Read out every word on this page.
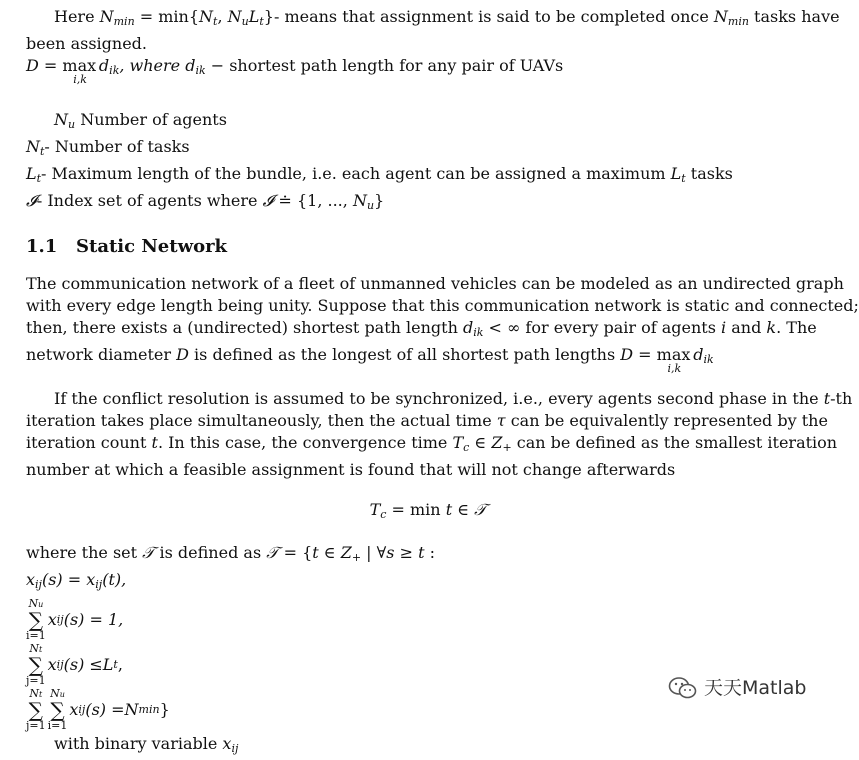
Here $N_{min} = \min\{N_t$, $N_uL_t\}-$ means that assignment is said to be completed once $N_{min}$ tasks have

been assigned.

$D = \max _{i,k}d_{ik}$, where $d_{ik}$ − shortest path length for any pair of UAVs

$N_u$ Number of agents

$N_t-$ Number of tasks

$L_t-$ Maximum length of the bundle, i.e. each agent can be assigned a maximum $L_t$ tasks

𝓘- Index set of agents where 𝓘 ≐ {1, ..., $N_u$}

1.1 Static Network

The communication network of a fleet of unmanned vehicles can be modeled as an undirected graph

with every edge length being unity. Suppose that this communication network is static and connected;

then, there exists a (undirected) shortest path length $d_{ik}$ < ∞ for every pair of agents i and k. The

network diameter D is defined as the longest of all shortest path lengths $D = \max _{i,k}d_{ik}$

If the conflict resolution is assumed to be synchronized, i.e., every agents second phase in the t-th

iteration takes place simultaneously, then the actual time τ can be equivalently represented by the

iteration count t. In this case, the convergence time $T_c$ ∈ $Z_+$ can be defined as the smallest iteration

number at which a feasible assignment is found that will not change afterwards

$T_c = \min t$ ∈ 𝒯

where the set 𝒯 is defined as 𝒯 = {t ∈ $Z_+$ | ∀s ≥ t :

$x_{ij}(s) = x_{ij}(t)$,

Nu
∑
i=1
x ij (s) = 1,
Nt
∑
j=1
x ij (s) ≤ L t ,
Nt
∑
j=1
Nu
∑
i=1
x ij (s) = N min }

with binary variable $x_{ij}$

天天Matlab
